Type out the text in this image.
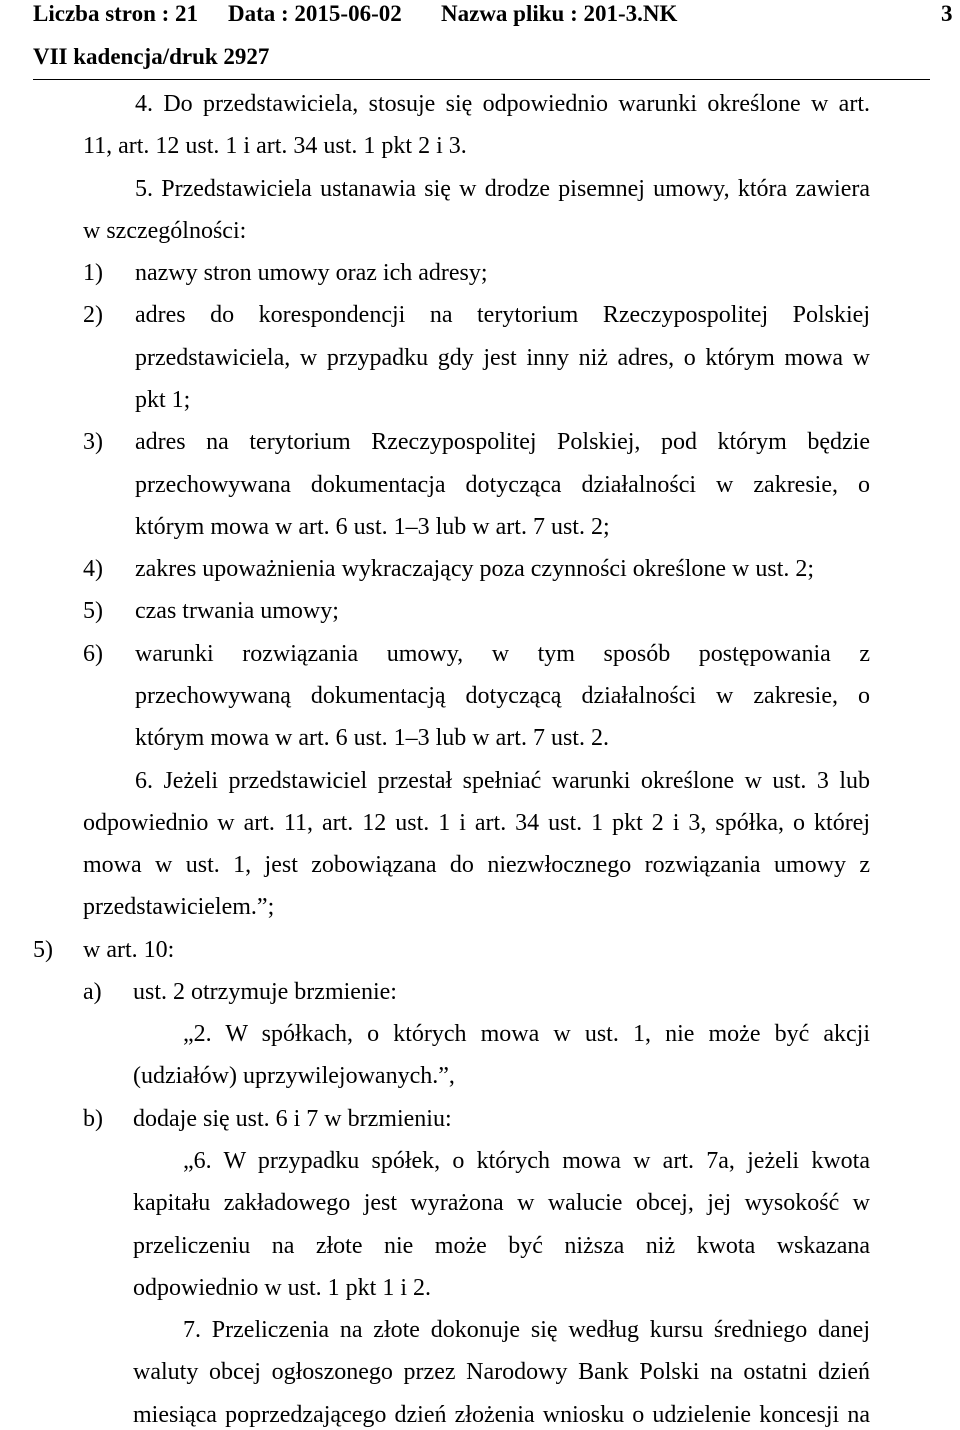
Liczba stron : 21 Data : 2015-06-02 Nazwa pliku : 201-3.NK	3
VII kadencja/druk 2927
4. Do przedstawiciela, stosuje się odpowiednio warunki określone w art.
11, art. 12 ust. 1 i art. 34 ust. 1 pkt 2 i 3.
5. Przedstawiciela ustanawia się w drodze pisemnej umowy, która zawiera
w szczególności:
1) nazwy stron umowy oraz ich adresy;
2) adres do korespondencji na terytorium Rzeczypospolitej Polskiej
przedstawiciela, w przypadku gdy jest inny niż adres, o którym mowa w
pkt 1;
3) adres na terytorium Rzeczypospolitej Polskiej, pod którym będzie
przechowywana dokumentacja dotycząca działalności w zakresie, o
którym mowa w art. 6 ust. 1–3 lub w art. 7 ust. 2;
4) zakres upoważnienia wykraczający poza czynności określone w ust. 2;
5) czas trwania umowy;
6) warunki rozwiązania umowy, w tym sposób postępowania z
przechowywaną dokumentacją dotyczącą działalności w zakresie, o
którym mowa w art. 6 ust. 1–3 lub w art. 7 ust. 2.
6. Jeżeli przedstawiciel przestał spełniać warunki określone w ust. 3 lub
odpowiednio w art. 11, art. 12 ust. 1 i art. 34 ust. 1 pkt 2 i 3, spółka, o której
mowa w ust. 1, jest zobowiązana do niezwłocznego rozwiązania umowy z
przedstawicielem.”;
5) w art. 10:
a) ust. 2 otrzymuje brzmienie:
„2. W spółkach, o których mowa w ust. 1, nie może być akcji
(udziałów) uprzywilejowanych.”,
b) dodaje się ust. 6 i 7 w brzmieniu:
„6. W przypadku spółek, o których mowa w art. 7a, jeżeli kwota
kapitału zakładowego jest wyrażona w walucie obcej, jej wysokość w
przeliczeniu na złote nie może być niższa niż kwota wskazana
odpowiednio w ust. 1 pkt 1 i 2.
7. Przeliczenia na złote dokonuje się według kursu średniego danej
waluty obcej ogłoszonego przez Narodowy Bank Polski na ostatni dzień
miesiąca poprzedzającego dzień złożenia wniosku o udzielenie koncesji na
